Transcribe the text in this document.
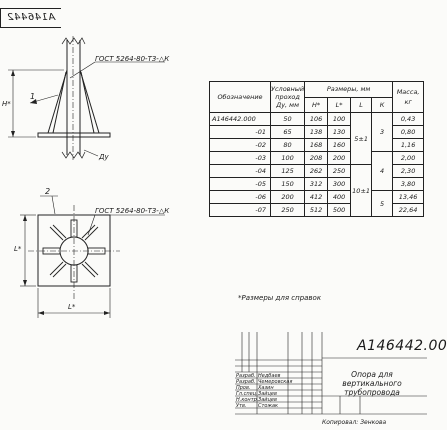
A146442
ГОСТ 5264-80-Т3-△К
ГОСТ 5264-80-Т3-△К
1
2
Ду
Н*
L*
L*
Обозначение	Условный проход Ду, мм	Размеры, мм				Масса, кг
		Н*	L*	L	К	
А146442.000	50	106	100	5±1	3	0,43
-01	65	138	130			0,80
-02	80	168	160			1,16
-03	100	208	200		4	2,00
-04	125	262	250	10±1		2,30
-05	150	312	300			3,80
-06	200	412	400		5	13,46
-07	250	512	500			22,64
*Размеры для справок
А146442.00
Опора для
вертикального
трубопровода
Разраб. Недбаев
Разраб. Чемеровская
Пров. Хазин
Гл.спец. Зайцев
Н.контр. Зайцев
Утв. Стожак
Копировал: Зенкова
